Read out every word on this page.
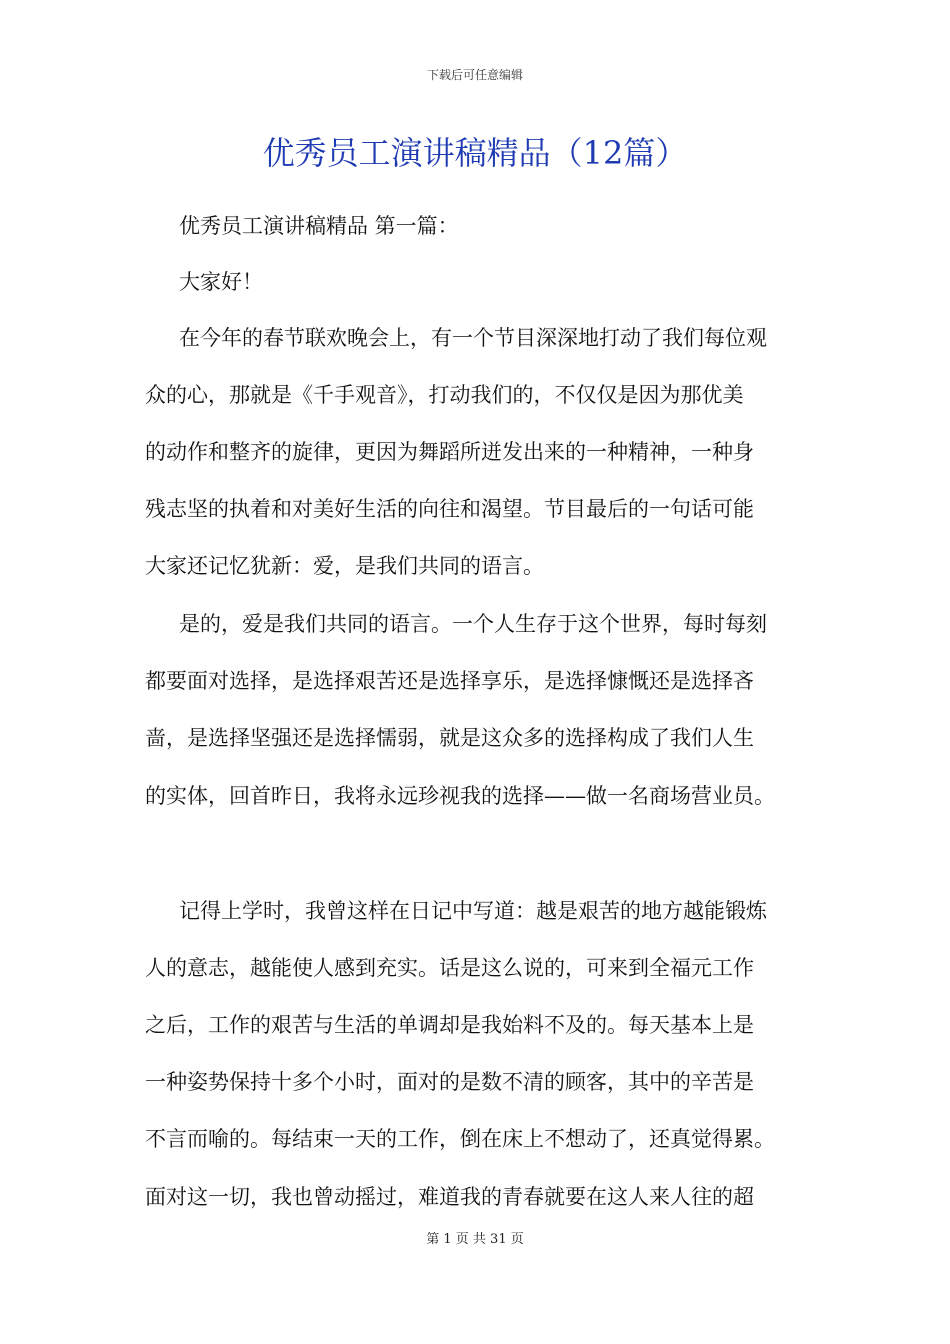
下载后可任意编辑
优秀员工演讲稿精品（12篇）
优秀员工演讲稿精品 第一篇：
大家好！
在今年的春节联欢晚会上，有一个节目深深地打动了我们每位观
众的心，那就是《千手观音》，打动我们的，不仅仅是因为那优美
的动作和整齐的旋律，更因为舞蹈所迸发出来的一种精神，一种身
残志坚的执着和对美好生活的向往和渴望。节目最后的一句话可能
大家还记忆犹新：爱，是我们共同的语言。
是的，爱是我们共同的语言。一个人生存于这个世界，每时每刻
都要面对选择，是选择艰苦还是选择享乐，是选择慷慨还是选择吝
啬，是选择坚强还是选择懦弱，就是这众多的选择构成了我们人生
的实体，回首昨日，我将永远珍视我的选择——做一名商场营业员。
记得上学时，我曾这样在日记中写道：越是艰苦的地方越能锻炼
人的意志，越能使人感到充实。话是这么说的，可来到全福元工作
之后，工作的艰苦与生活的单调却是我始料不及的。每天基本上是
一种姿势保持十多个小时，面对的是数不清的顾客，其中的辛苦是
不言而喻的。每结束一天的工作，倒在床上不想动了，还真觉得累。
面对这一切，我也曾动摇过，难道我的青春就要在这人来人往的超
第 1 页 共 31 页
